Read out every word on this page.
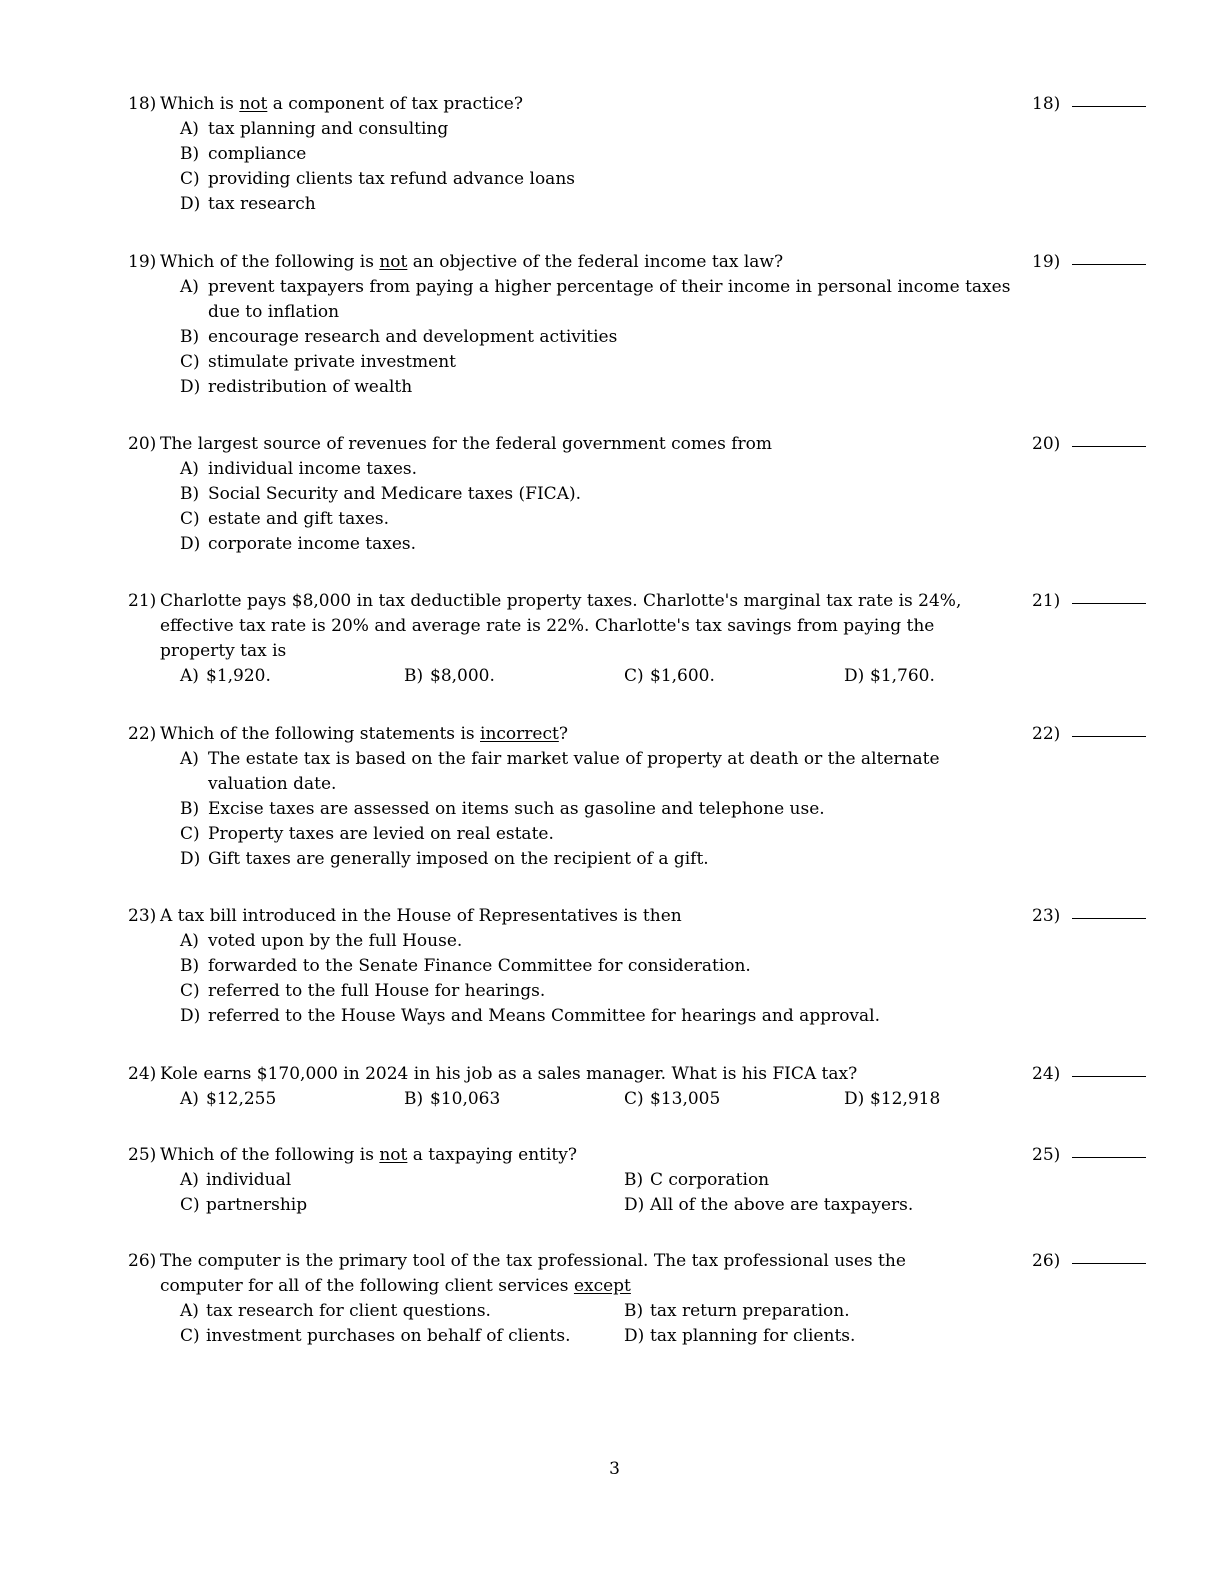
18) Which is not a component of tax practice?
A) tax planning and consulting
B) compliance
C) providing clients tax refund advance loans
D) tax research
18)
19) Which of the following is not an objective of the federal income tax law?
A) prevent taxpayers from paying a higher percentage of their income in personal income taxes due to inflation
B) encourage research and development activities
C) stimulate private investment
D) redistribution of wealth
19)
20) The largest source of revenues for the federal government comes from
A) individual income taxes.
B) Social Security and Medicare taxes (FICA).
C) estate and gift taxes.
D) corporate income taxes.
20)
21) Charlotte pays $8,000 in tax deductible property taxes. Charlotte's marginal tax rate is 24%, effective tax rate is 20% and average rate is 22%. Charlotte's tax savings from paying the property tax is
A) $1,920.	B) $8,000.	C) $1,600.	D) $1,760.
21)
22) Which of the following statements is incorrect?
A) The estate tax is based on the fair market value of property at death or the alternate valuation date.
B) Excise taxes are assessed on items such as gasoline and telephone use.
C) Property taxes are levied on real estate.
D) Gift taxes are generally imposed on the recipient of a gift.
22)
23) A tax bill introduced in the House of Representatives is then
A) voted upon by the full House.
B) forwarded to the Senate Finance Committee for consideration.
C) referred to the full House for hearings.
D) referred to the House Ways and Means Committee for hearings and approval.
23)
24) Kole earns $170,000 in 2024 in his job as a sales manager. What is his FICA tax?
A) $12,255	B) $10,063	C) $13,005	D) $12,918
24)
25) Which of the following is not a taxpaying entity?
A) individual	B) C corporation
C) partnership	D) All of the above are taxpayers.
25)
26) The computer is the primary tool of the tax professional. The tax professional uses the computer for all of the following client services except
A) tax research for client questions.	B) tax return preparation.
C) investment purchases on behalf of clients.	D) tax planning for clients.
26)
3
